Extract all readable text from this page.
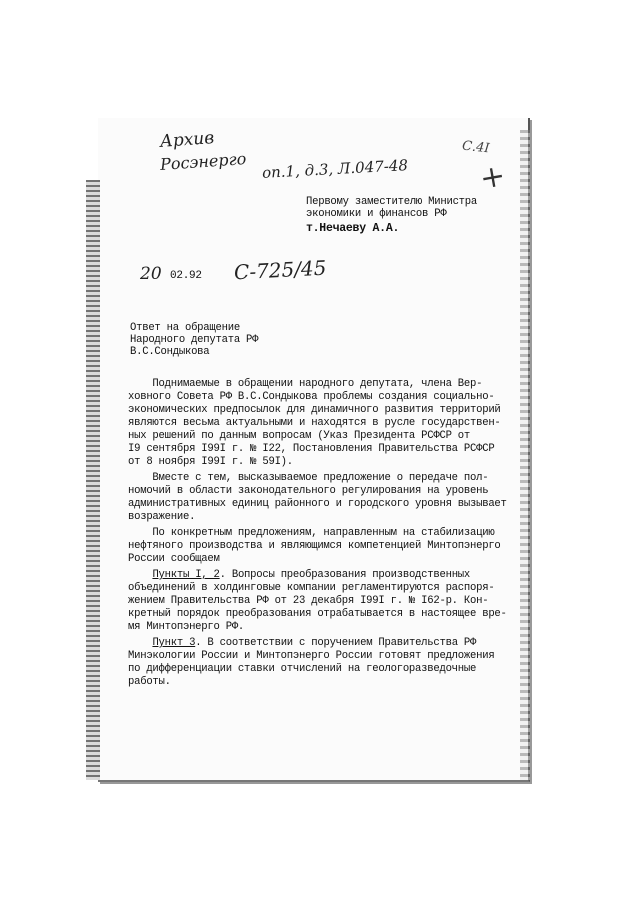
Архив
Росэнерго оп.1, д.3, Л.047-48
С.4I
+
Первому заместителю Министра
экономики и финансов РФ
т.Нечаеву А.А.
20 02.92 С-725/45
Ответ на обращение
Народного депутата РФ
В.С.Сондыкова
Поднимаемые в обращении народного депутата, члена Вер-
ховного Совета РФ В.С.Сондыкова проблемы создания социально-
экономических предпосылок для динамичного развития территорий
являются весьма актуальными и находятся в русле государствен-
ных решений по данным вопросам (Указ Президента РСФСР от
I9 сентября I99I г. № I22, Постановления Правительства РСФСР
от 8 ноября I99I г. № 59I).
Вместе с тем, высказываемое предложение о передаче пол-
номочий в области законодательного регулирования на уровень
административных единиц районного и городского уровня вызывает
возражение.
По конкретным предложениям, направленным на стабилизацию
нефтяного производства и являющимся компетенцией Минтопэнерго
России сообщаем
Пункты I, 2. Вопросы преобразования производственных
объединений в холдинговые компании регламентируются распоря-
жением Правительства РФ от 23 декабря I99I г. № I62-р. Кон-
кретный порядок преобразования отрабатывается в настоящее вре-
мя Минтопэнерго РФ.
Пункт 3. В соответствии с поручением Правительства РФ
Минэкологии России и Минтопэнерго России готовят предложения
по дифференциации ставки отчислений на геологоразведочные
работы.
